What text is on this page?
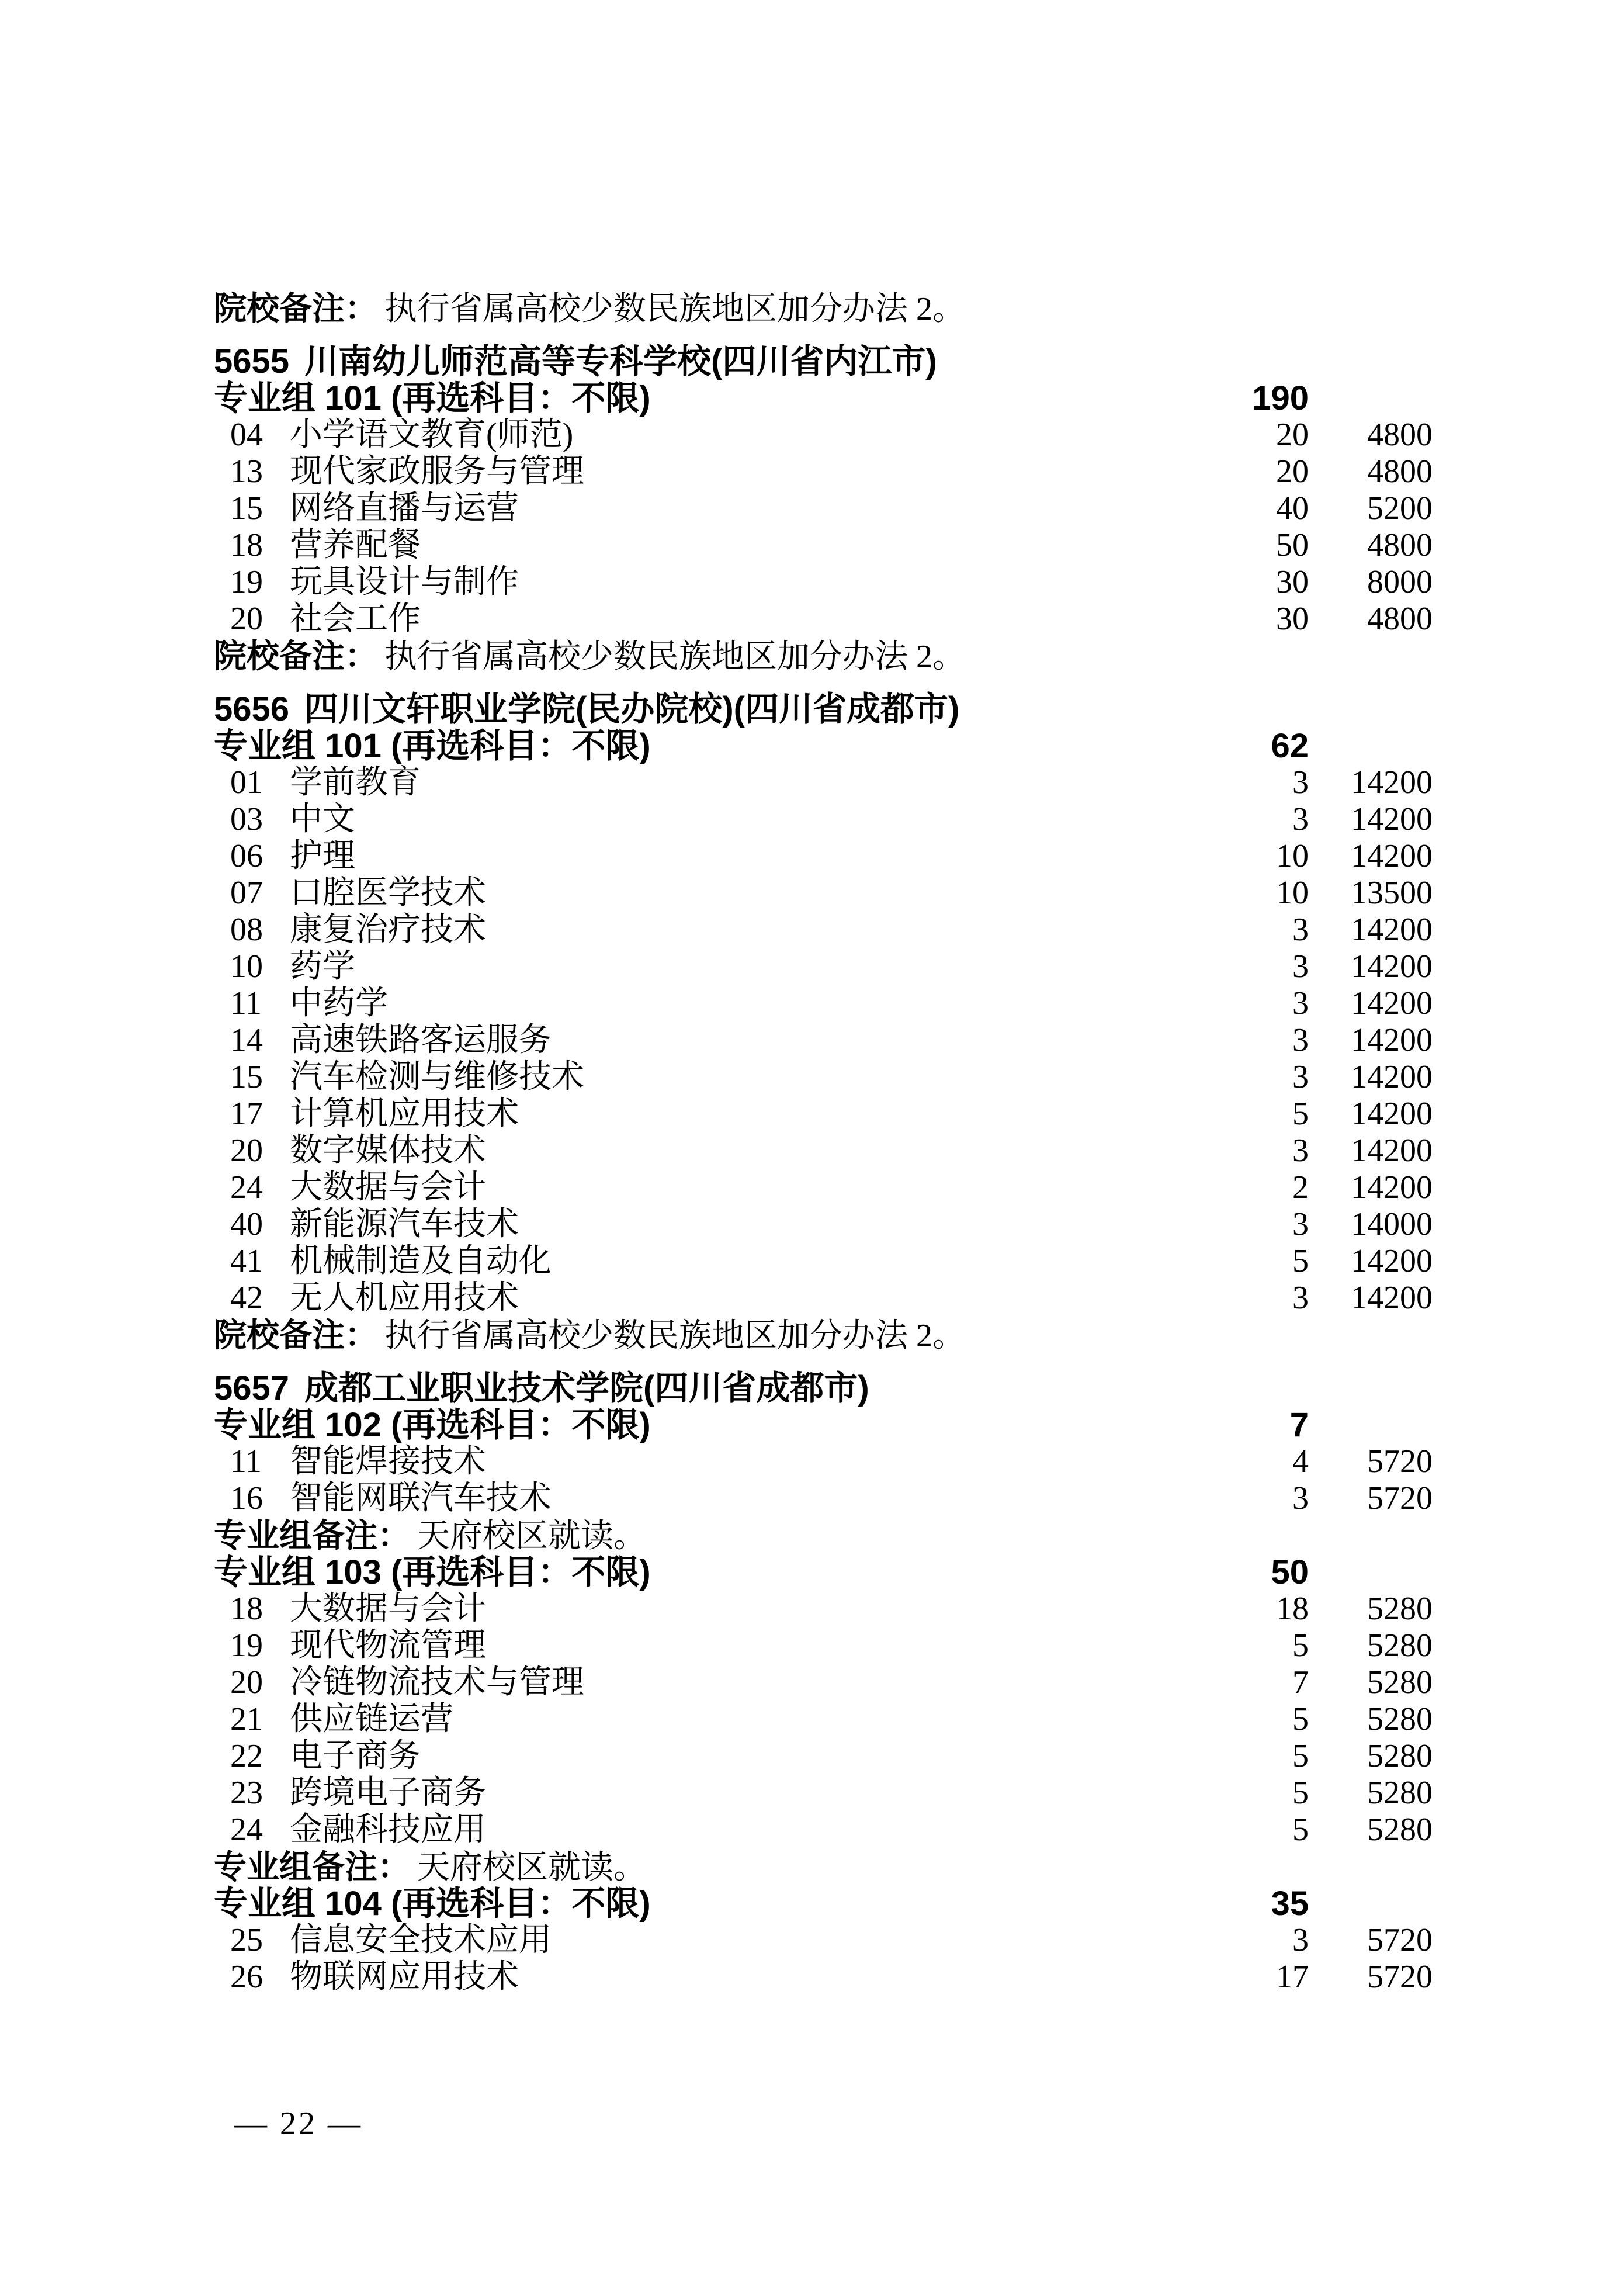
院校备注： 执行省属高校少数民族地区加分办法 2。
5655 川南幼儿师范高等专科学校(四川省内江市)
专业组 101 (再选科目：不限)	190
04 小学语文教育(师范)	20 4800
13 现代家政服务与管理	20 4800
15 网络直播与运营	40 5200
18 营养配餐	50 4800
19 玩具设计与制作	30 8000
20 社会工作	30 4800
院校备注： 执行省属高校少数民族地区加分办法 2。
5656 四川文轩职业学院(民办院校)(四川省成都市)
专业组 101 (再选科目：不限)	62
01 学前教育	3 14200
03 中文	3 14200
06 护理	10 14200
07 口腔医学技术	10 13500
08 康复治疗技术	3 14200
10 药学	3 14200
11 中药学	3 14200
14 高速铁路客运服务	3 14200
15 汽车检测与维修技术	3 14200
17 计算机应用技术	5 14200
20 数字媒体技术	3 14200
24 大数据与会计	2 14200
40 新能源汽车技术	3 14000
41 机械制造及自动化	5 14200
42 无人机应用技术	3 14200
院校备注： 执行省属高校少数民族地区加分办法 2。
5657 成都工业职业技术学院(四川省成都市)
专业组 102 (再选科目：不限)	7
11 智能焊接技术	4 5720
16 智能网联汽车技术	3 5720
专业组备注： 天府校区就读。
专业组 103 (再选科目：不限)	50
18 大数据与会计	18 5280
19 现代物流管理	5 5280
20 冷链物流技术与管理	7 5280
21 供应链运营	5 5280
22 电子商务	5 5280
23 跨境电子商务	5 5280
24 金融科技应用	5 5280
专业组备注： 天府校区就读。
专业组 104 (再选科目：不限)	35
25 信息安全技术应用	3 5720
26 物联网应用技术	17 5720
— 22 —
